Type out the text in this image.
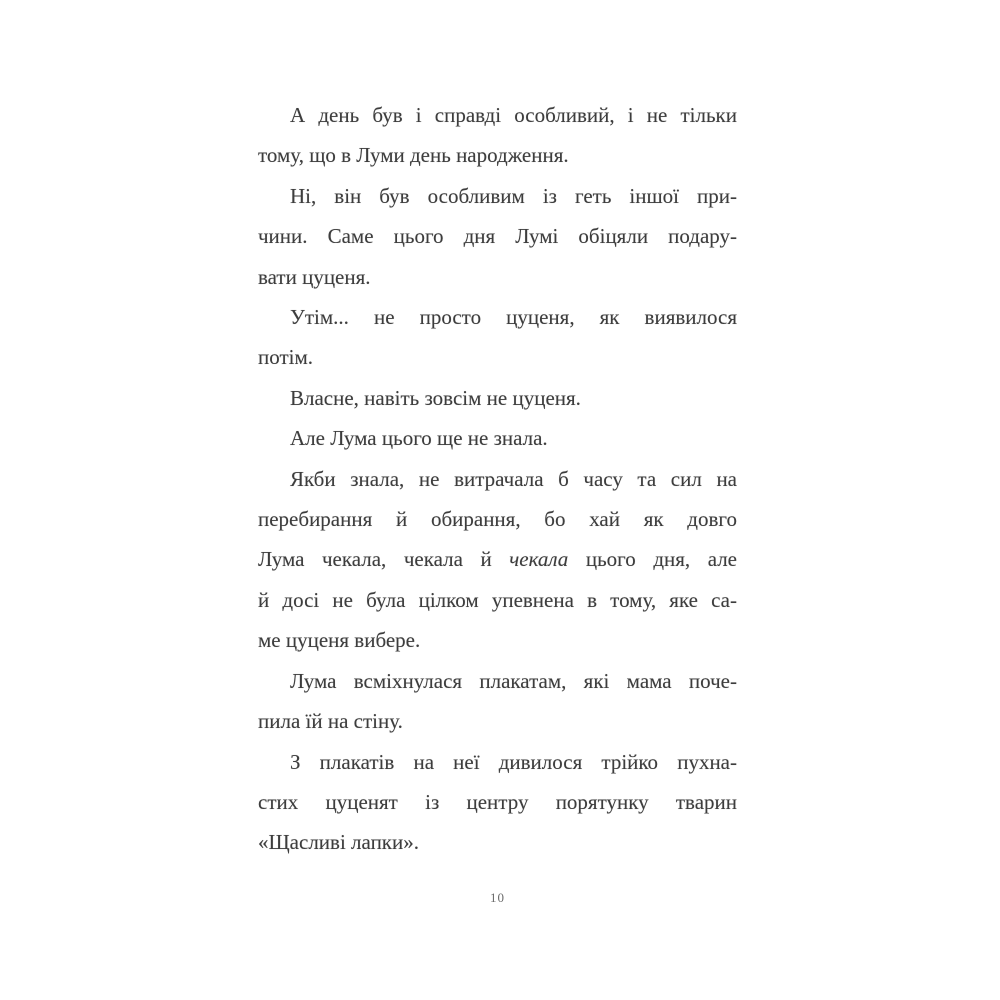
А день був і справді особливий, і не тільки
тому, що в Луми день народження.
Ні, він був особливим із геть іншої при-
чини. Саме цього дня Лумі обіцяли подару-
вати цуценя.
Утім... не просто цуценя, як виявилося
потім.
Власне, навіть зовсім не цуценя.
Але Лума цього ще не знала.
Якби знала, не витрачала б часу та сил на
перебирання й обирання, бо хай як довго
Лума чекала, чекала й чекала цього дня, але
й досі не була цілком упевнена в тому, яке са-
ме цуценя вибере.
Лума всміхнулася плакатам, які мама поче-
пила їй на стіну.
З плакатів на неї дивилося трійко пухна-
стих цуценят із центру порятунку тварин
«Щасливі лапки».
10
